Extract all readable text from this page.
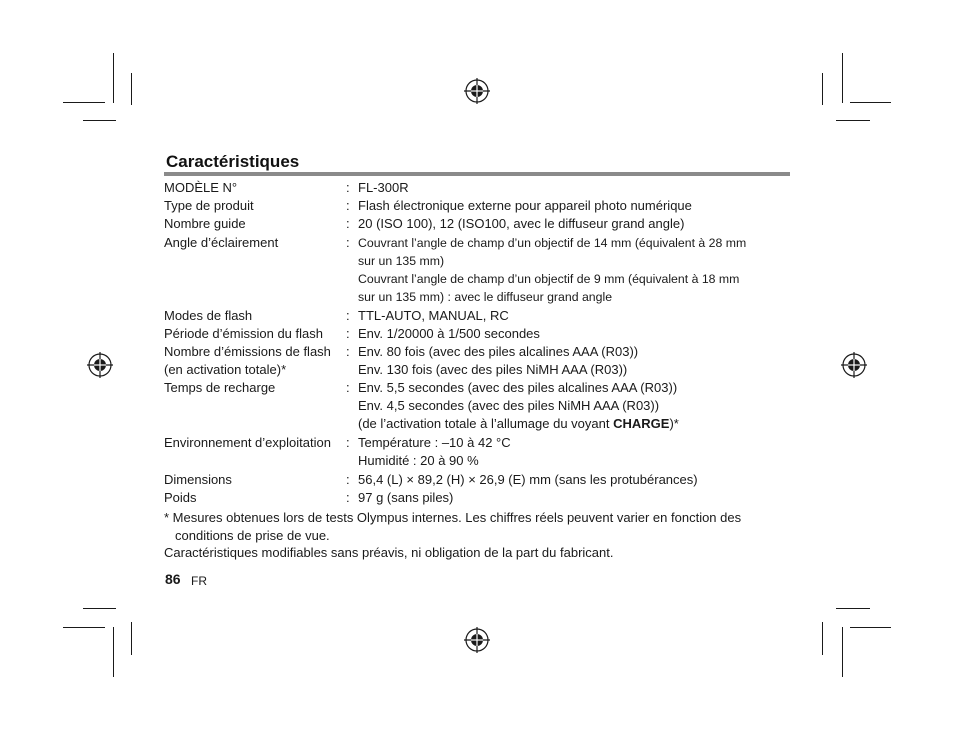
Caractéristiques
MODÈLE N°	: FL-300R
Type de produit	: Flash électronique externe pour appareil photo numérique
Nombre guide	: 20 (ISO 100), 12 (ISO100, avec le diffuseur grand angle)
Angle d’éclairement	: Couvrant l’angle de champ d’un objectif de 14 mm (équivalent à 28 mm
sur un 135 mm)
Couvrant l’angle de champ d’un objectif de 9 mm (équivalent à 18 mm
sur un 135 mm) : avec le diffuseur grand angle
Modes de flash	: TTL-AUTO, MANUAL, RC
Période d’émission du flash	: Env. 1/20000 à 1/500 secondes
Nombre d’émissions de flash
(en activation totale)*
: Env. 80 fois (avec des piles alcalines AAA (R03))
Env. 130 fois (avec des piles NiMH AAA (R03))
Temps de recharge	: Env. 5,5 secondes (avec des piles alcalines AAA (R03))
Env. 4,5 secondes (avec des piles NiMH AAA (R03))
(de l’activation totale à l’allumage du voyant CHARGE)*
Environnement d’exploitation	: Température : –10 à 42 °C
Humidité : 20 à 90 %
Dimensions	: 56,4 (L) × 89,2 (H) × 26,9 (E) mm (sans les protubérances)
Poids	: 97 g (sans piles)
* Mesures obtenues lors de tests Olympus internes. Les chiffres réels peuvent varier en fonction des
conditions de prise de vue.
Caractéristiques modifiables sans préavis, ni obligation de la part du fabricant.
86 FR
